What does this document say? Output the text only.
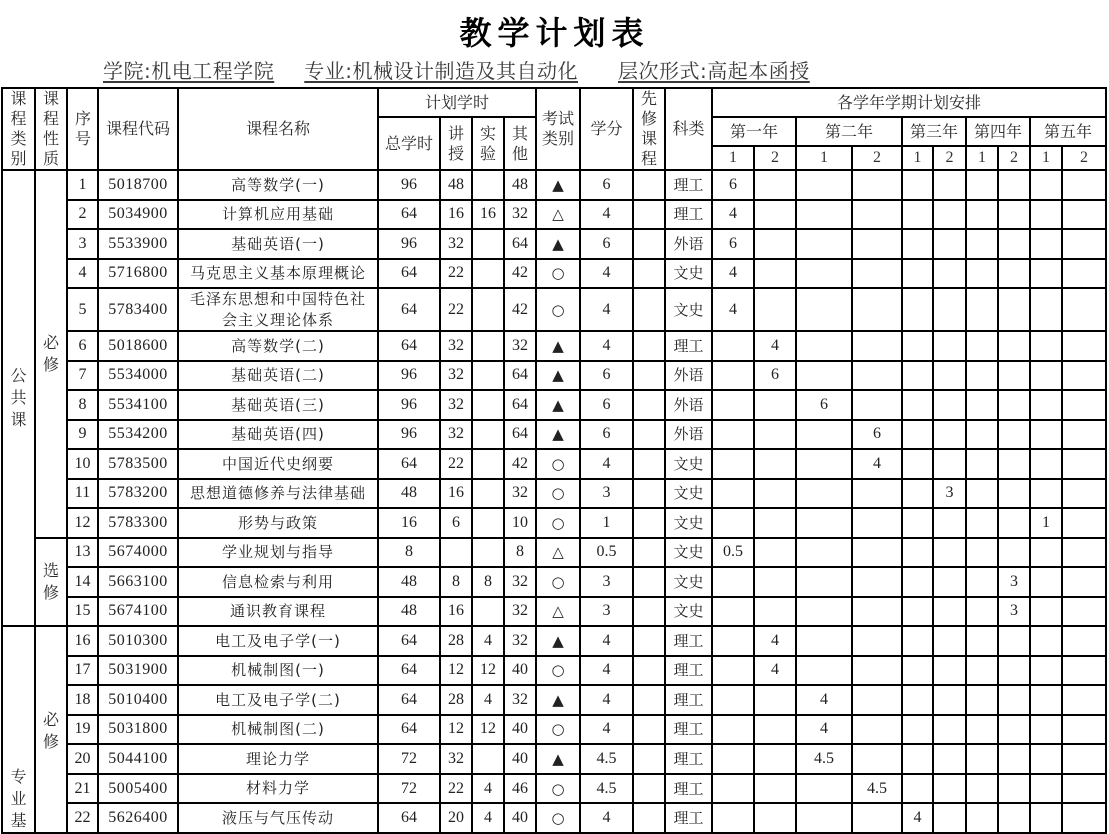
教学计划表
学院:机电工程学院 专业:机械设计制造及其自动化 层次形式:高起本函授
课程类别	课程性质	序号	课程代码	课程名称	计划学时				考试类别	学分	先修课程	科类	各学年学期计划安排									
					总学时	讲授	实验	其他					第一年		第二年		第三年		第四年		第五年	
													1	2	1	2	1	2	1	2	1	2
公共课	必修	1	5018700	高等数学(一)	96	48		48	▲	6		理工	6									
		2	5034900	计算机应用基础	64	16	16	32	△	4		理工	4									
		3	5533900	基础英语(一)	96	32		64	▲	6		外语	6									
		4	5716800	马克思主义基本原理概论	64	22		42	○	4		文史	4									
		5	5783400	毛泽东思想和中国特色社会主义理论体系	64	22		42	○	4		文史	4									
		6	5018600	高等数学(二)	64	32		32	▲	4		理工		4								
		7	5534000	基础英语(二)	96	32		64	▲	6		外语		6								
		8	5534100	基础英语(三)	96	32		64	▲	6		外语			6							
		9	5534200	基础英语(四)	96	32		64	▲	6		外语				6						
		10	5783500	中国近代史纲要	64	22		42	○	4		文史				4						
		11	5783200	思想道德修养与法律基础	48	16		32	○	3		文史						3				
		12	5783300	形势与政策	16	6		10	○	1		文史									1	
	选修	13	5674000	学业规划与指导	8			8	△	0.5		文史	0.5									
		14	5663100	信息检索与利用	48	8	8	32	○	3		文史								3		
		15	5674100	通识教育课程	48	16		32	△	3		文史								3		
专业基	必修	16	5010300	电工及电子学(一)	64	28	4	32	▲	4		理工		4								
		17	5031900	机械制图(一)	64	12	12	40	○	4		理工		4								
		18	5010400	电工及电子学(二)	64	28	4	32	▲	4		理工			4							
		19	5031800	机械制图(二)	64	12	12	40	○	4		理工			4							
		20	5044100	理论力学	72	32		40	▲	4.5		理工			4.5							
		21	5005400	材料力学	72	22	4	46	○	4.5		理工				4.5						
		22	5626400	液压与气压传动	64	20	4	40	○	4		理工					4					
